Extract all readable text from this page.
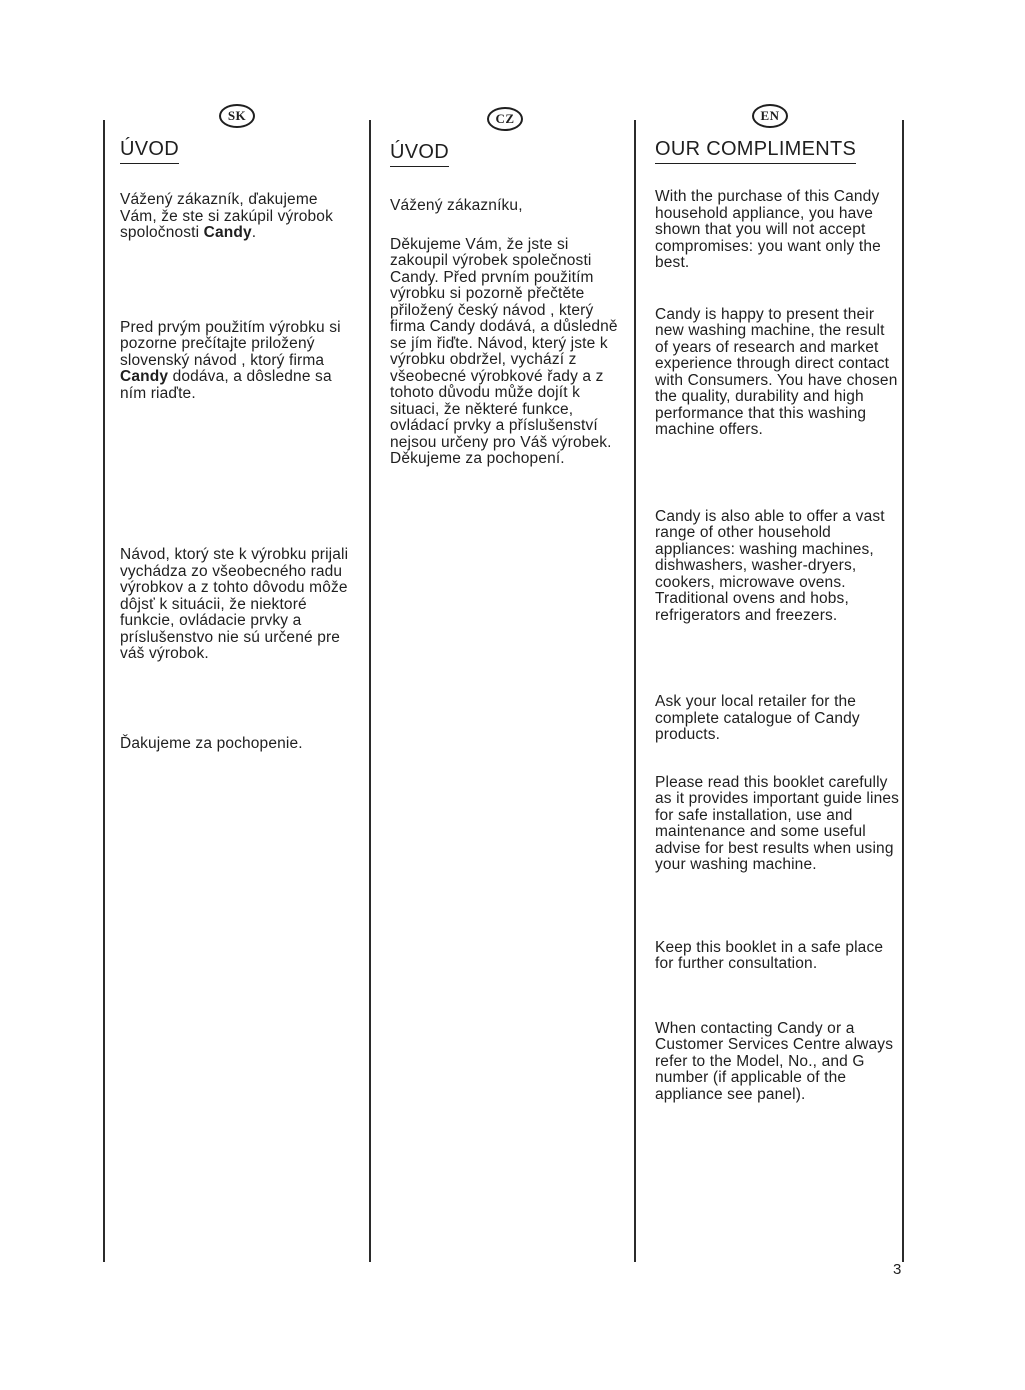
SK	CZ	EN
ÚVOD

Vážený zákazník, ďakujeme Vám, že ste si zakúpil výrobok spoločnosti Candy.

Pred prvým použitím výrobku si pozorne prečítajte priložený slovenský návod , ktorý firma Candy dodáva, a dôsledne sa ním riaďte.

Návod, ktorý ste k výrobku prijali vychádza zo všeobecného radu výrobkov a z tohto dôvodu môže dôjsť k situácii, že niektoré funkcie, ovládacie prvky a príslušenstvo nie sú určené pre váš výrobok.

Ďakujeme za pochopenie.

ÚVOD

Vážený zákazníku,

Děkujeme Vám, že jste si zakoupil výrobek společnosti Candy. Před prvním použitím výrobku si pozorně přečtěte přiložený český návod , který firma Candy dodává, a důsledně se jím řiďte. Návod, který jste k výrobku obdržel, vychází z všeobecné výrobkové řady a z tohoto důvodu může dojít k situaci, že některé funkce, ovládací prvky a příslušenství nejsou určeny pro Váš výrobek. Děkujeme za pochopení.

OUR COMPLIMENTS

With the purchase of this Candy household appliance, you have shown that you will not accept compromises: you want only the best.

Candy is happy to present their new washing machine, the result of years of research and market experience through direct contact with Consumers. You have chosen the quality, durability and high performance that this washing machine offers.

Candy is also able to offer a vast range of other household appliances: washing machines, dishwashers, washer-dryers, cookers, microwave ovens. Traditional ovens and hobs, refrigerators and freezers.

Ask your local retailer for the complete catalogue of Candy products.

Please read this booklet carefully as it provides important guide lines for safe installation, use and maintenance and some useful advise for best results when using your washing machine.

Keep this booklet in a safe place for further consultation.

When contacting Candy or a Customer Services Centre always refer to the Model, No., and G number (if applicable of the appliance see panel).

3
